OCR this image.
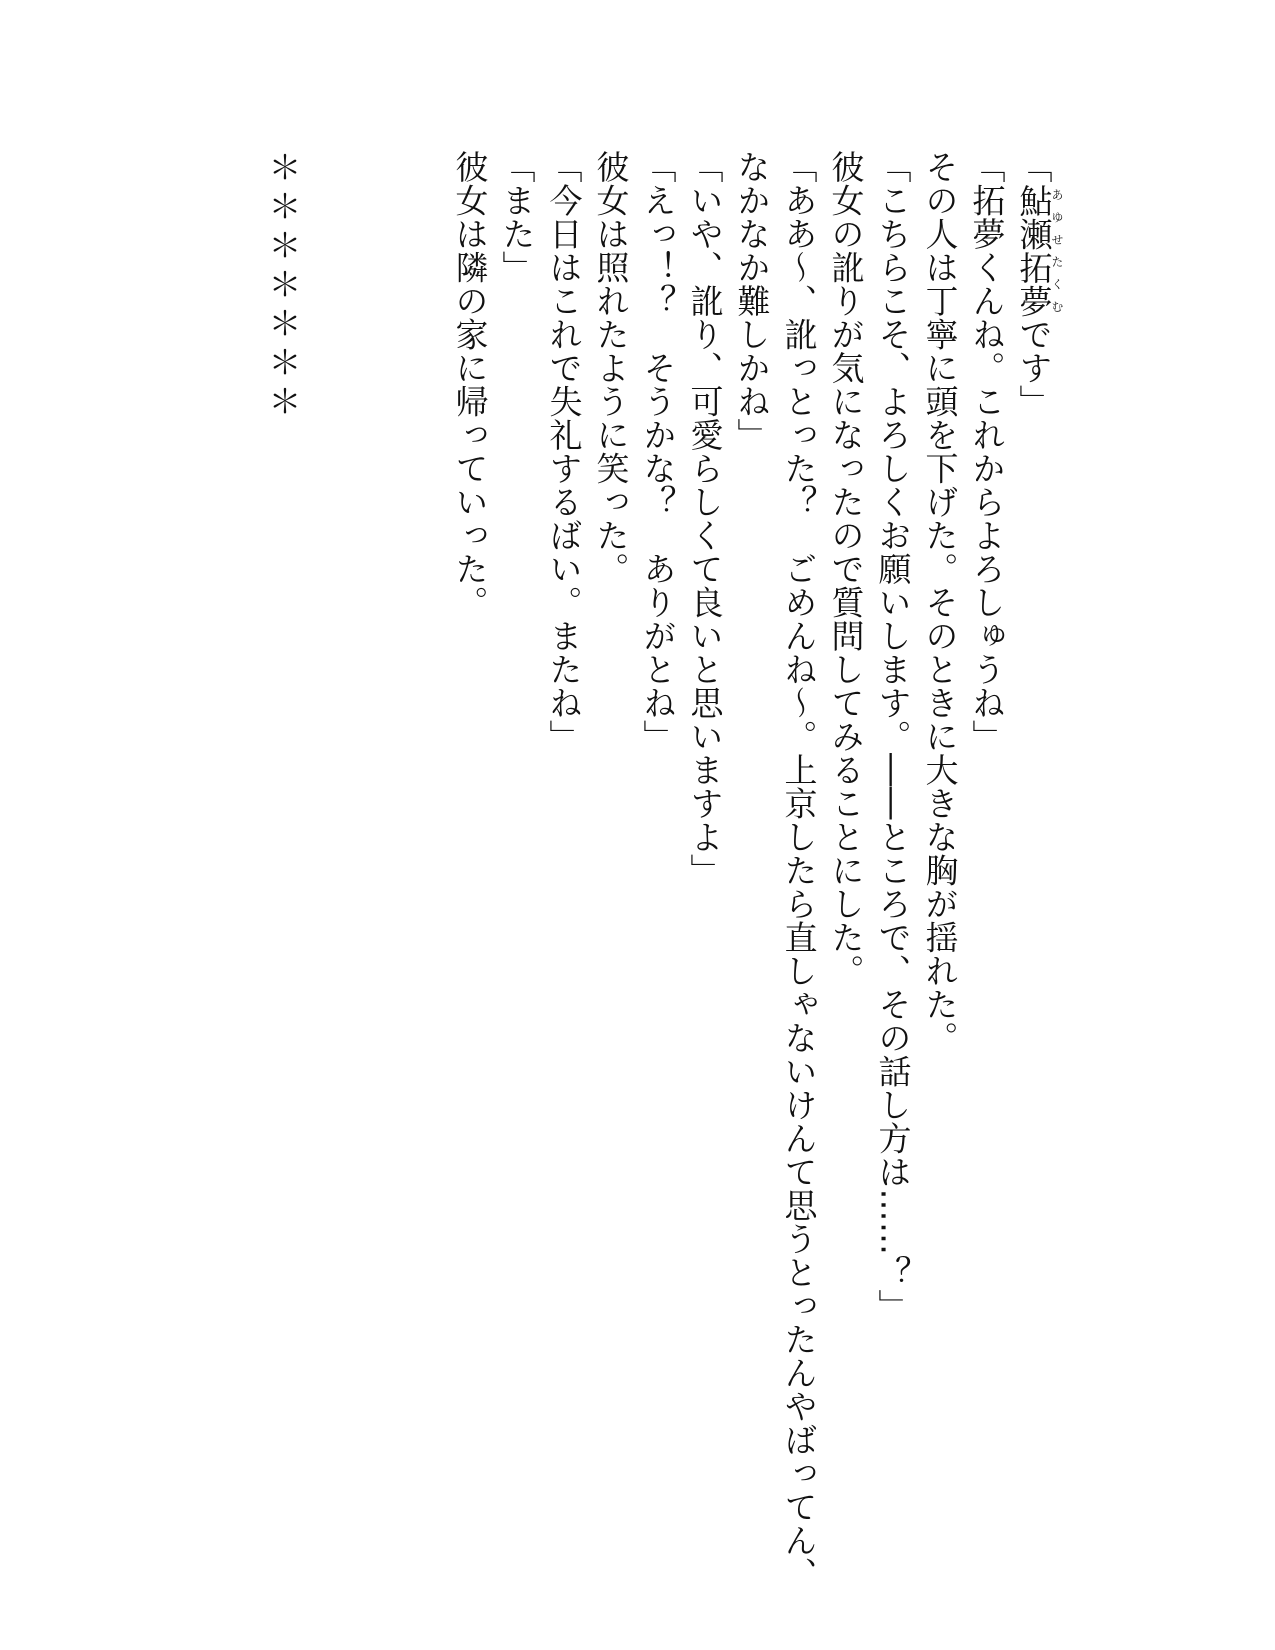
「鮎瀬拓夢あゆせたくむです」
「拓夢くんね。これからよろしゅうね」
その人は丁寧に頭を下げた。そのときに大きな胸が揺れた。
「こちらこそ、よろしくお願いします。――ところで、その話し方は……？」
彼女の訛りが気になったので質問してみることにした。
「ああ～、訛っとった？　ごめんね～。上京したら直しゃないけんて思うとったんやばってん、
なかなか難しかね」
「いや、訛り、可愛らしくて良いと思いますよ」
「えっ！？　そうかな？　ありがとね」
彼女は照れたように笑った。
「今日はこれで失礼するばい。またね」
「また」
彼女は隣の家に帰っていった。
＊＊＊＊＊＊＊
